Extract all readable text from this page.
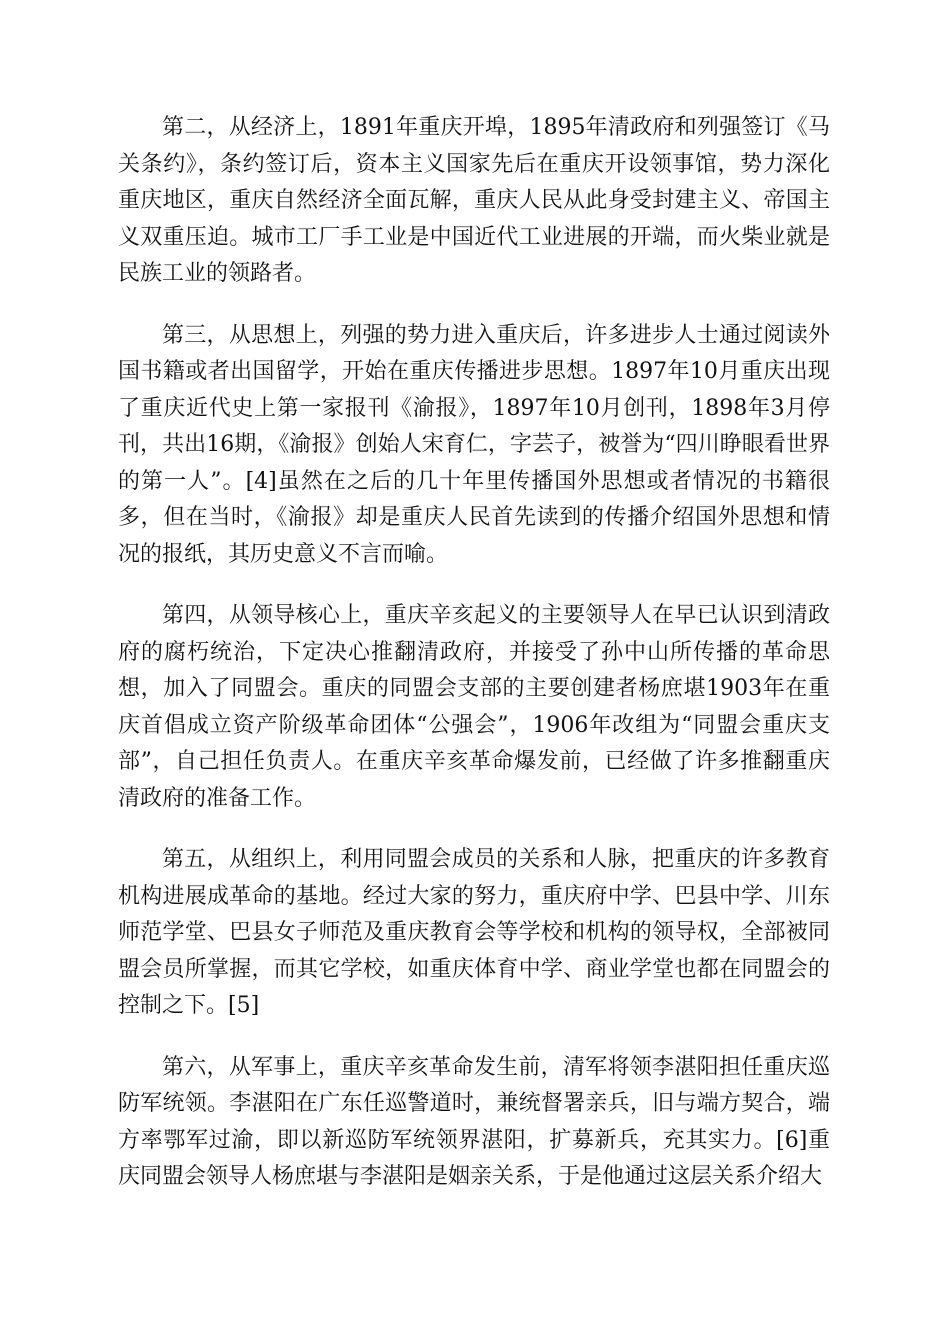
第二，从经济上，1891年重庆开埠，1895年清政府和列强签订《马关条约》，条约签订后，资本主义国家先后在重庆开设领事馆，势力深化重庆地区，重庆自然经济全面瓦解，重庆人民从此身受封建主义、帝国主义双重压迫。城市工厂手工业是中国近代工业进展的开端，而火柴业就是民族工业的领路者。

第三，从思想上，列强的势力进入重庆后，许多进步人士通过阅读外国书籍或者出国留学，开始在重庆传播进步思想。1897年10月重庆出现了重庆近代史上第一家报刊《渝报》，1897年10月创刊，1898年3月停刊，共出16期，《渝报》创始人宋育仁，字芸子，被誉为“四川睁眼看世界的第一人”。[4]虽然在之后的几十年里传播国外思想或者情况的书籍很多，但在当时，《渝报》却是重庆人民首先读到的传播介绍国外思想和情况的报纸，其历史意义不言而喻。

第四，从领导核心上，重庆辛亥起义的主要领导人在早已认识到清政府的腐朽统治，下定决心推翻清政府，并接受了孙中山所传播的革命思想，加入了同盟会。重庆的同盟会支部的主要创建者杨庶堪1903年在重庆首倡成立资产阶级革命团体“公强会”，1906年改组为“同盟会重庆支部”，自己担任负责人。在重庆辛亥革命爆发前，已经做了许多推翻重庆清政府的准备工作。

第五，从组织上，利用同盟会成员的关系和人脉，把重庆的许多教育机构进展成革命的基地。经过大家的努力，重庆府中学、巴县中学、川东师范学堂、巴县女子师范及重庆教育会等学校和机构的领导权，全部被同盟会员所掌握，而其它学校，如重庆体育中学、商业学堂也都在同盟会的控制之下。[5]

第六，从军事上，重庆辛亥革命发生前，清军将领李湛阳担任重庆巡防军统领。李湛阳在广东任巡警道时，兼统督署亲兵，旧与端方契合，端方率鄂军过渝，即以新巡防军统领界湛阳，扩募新兵，充其实力。[6]重庆同盟会领导人杨庶堪与李湛阳是姻亲关系，于是他通过这层关系介绍大
